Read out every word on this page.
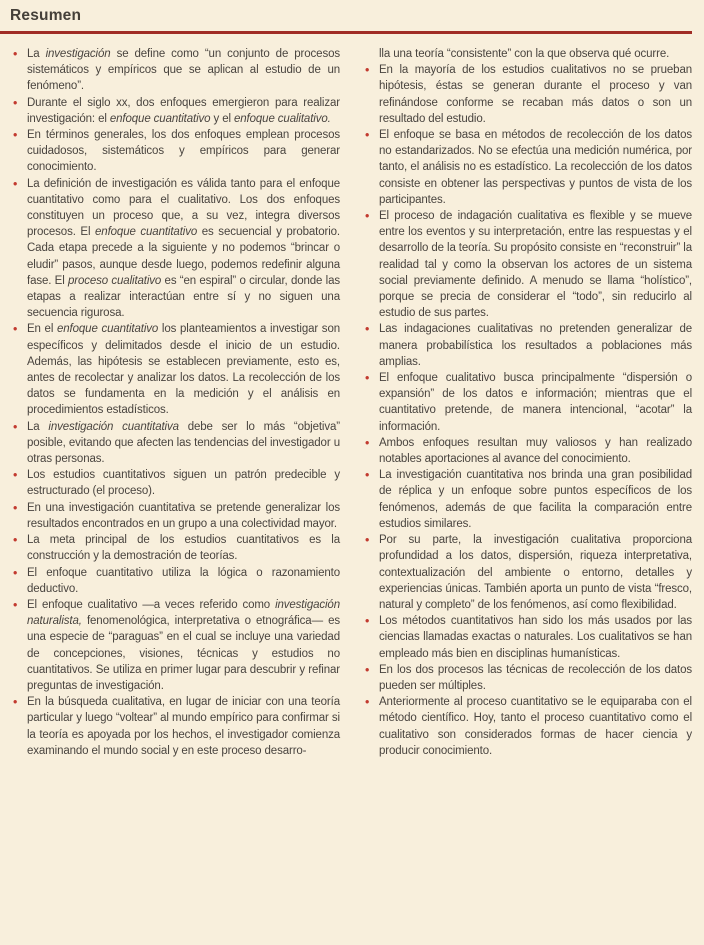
Resumen
• La investigación se define como “un conjunto de procesos sistemáticos y empíricos que se aplican al estudio de un fenómeno”.
• Durante el siglo xx, dos enfoques emergieron para realizar investigación: el enfoque cuantitativo y el enfoque cualitativo.
• En términos generales, los dos enfoques emplean procesos cuidadosos, sistemáticos y empíricos para generar conocimiento.
• La definición de investigación es válida tanto para el enfoque cuantitativo como para el cualitativo. Los dos enfoques constituyen un proceso que, a su vez, integra diversos procesos. El enfoque cuantitativo es secuencial y probatorio. Cada etapa precede a la siguiente y no podemos “brincar o eludir” pasos, aunque desde luego, podemos redefinir alguna fase. El proceso cualitativo es “en espiral” o circular, donde las etapas a realizar interactúan entre sí y no siguen una secuencia rigurosa.
• En el enfoque cuantitativo los planteamientos a investigar son específicos y delimitados desde el inicio de un estudio. Además, las hipótesis se establecen previamente, esto es, antes de recolectar y analizar los datos. La recolección de los datos se fundamenta en la medición y el análisis en procedimientos estadísticos.
• La investigación cuantitativa debe ser lo más “objetiva” posible, evitando que afecten las tendencias del investigador u otras personas.
• Los estudios cuantitativos siguen un patrón predecible y estructurado (el proceso).
• En una investigación cuantitativa se pretende generalizar los resultados encontrados en un grupo a una colectividad mayor.
• La meta principal de los estudios cuantitativos es la construcción y la demostración de teorías.
• El enfoque cuantitativo utiliza la lógica o razonamiento deductivo.
• El enfoque cualitativo —a veces referido como investigación naturalista, fenomenológica, interpretativa o etnográfica— es una especie de “paraguas” en el cual se incluye una variedad de concepciones, visiones, técnicas y estudios no cuantitativos. Se utiliza en primer lugar para descubrir y refinar preguntas de investigación.
• En la búsqueda cualitativa, en lugar de iniciar con una teoría particular y luego “voltear” al mundo empírico para confirmar si la teoría es apoyada por los hechos, el investigador comienza examinando el mundo social y en este proceso desarro-
lla una teoría “consistente” con la que observa qué ocurre.
• En la mayoría de los estudios cualitativos no se prueban hipótesis, éstas se generan durante el proceso y van refinándose conforme se recaban más datos o son un resultado del estudio.
• El enfoque se basa en métodos de recolección de los datos no estandarizados. No se efectúa una medición numérica, por tanto, el análisis no es estadístico. La recolección de los datos consiste en obtener las perspectivas y puntos de vista de los participantes.
• El proceso de indagación cualitativa es flexible y se mueve entre los eventos y su interpretación, entre las respuestas y el desarrollo de la teoría. Su propósito consiste en “reconstruir” la realidad tal y como la observan los actores de un sistema social previamente definido. A menudo se llama “holístico”, porque se precia de considerar el “todo”, sin reducirlo al estudio de sus partes.
• Las indagaciones cualitativas no pretenden generalizar de manera probabilística los resultados a poblaciones más amplias.
• El enfoque cualitativo busca principalmente “dispersión o expansión” de los datos e información; mientras que el cuantitativo pretende, de manera intencional, “acotar” la información.
• Ambos enfoques resultan muy valiosos y han realizado notables aportaciones al avance del conocimiento.
• La investigación cuantitativa nos brinda una gran posibilidad de réplica y un enfoque sobre puntos específicos de los fenómenos, además de que facilita la comparación entre estudios similares.
• Por su parte, la investigación cualitativa proporciona profundidad a los datos, dispersión, riqueza interpretativa, contextualización del ambiente o entorno, detalles y experiencias únicas. También aporta un punto de vista “fresco, natural y completo” de los fenómenos, así como flexibilidad.
• Los métodos cuantitativos han sido los más usados por las ciencias llamadas exactas o naturales. Los cualitativos se han empleado más bien en disciplinas humanísticas.
• En los dos procesos las técnicas de recolección de los datos pueden ser múltiples.
• Anteriormente al proceso cuantitativo se le equiparaba con el método científico. Hoy, tanto el proceso cuantitativo como el cualitativo son considerados formas de hacer ciencia y producir conocimiento.
